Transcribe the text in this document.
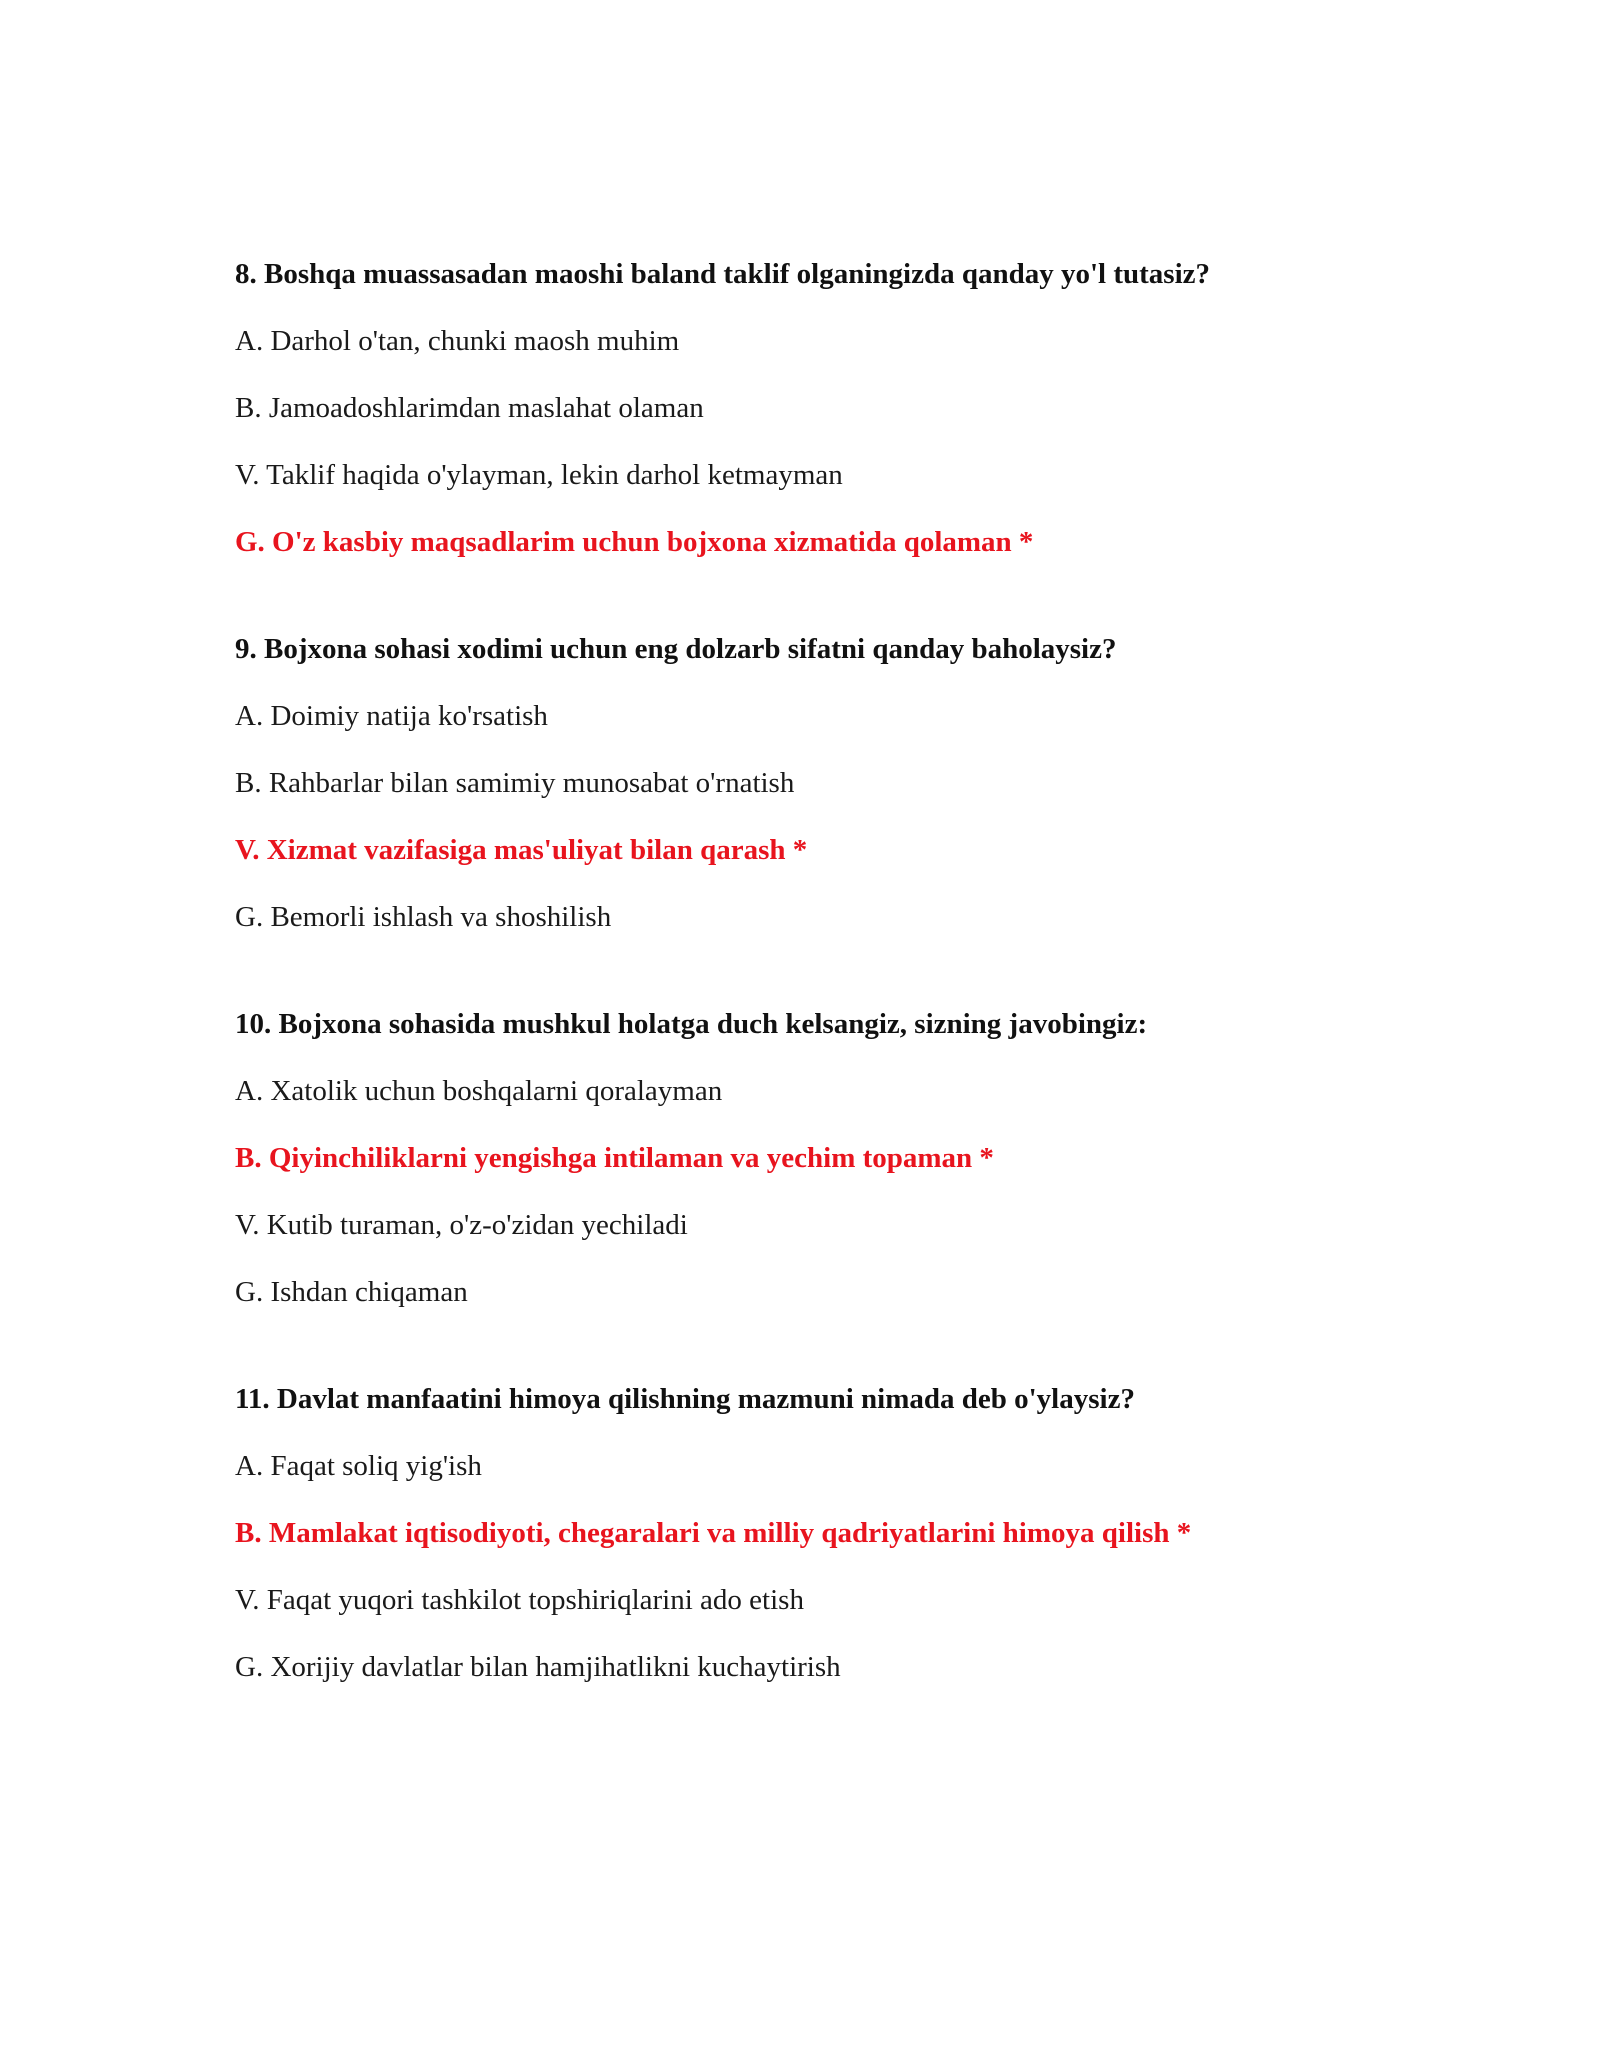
8. Boshqa muassasadan maoshi baland taklif olganingizda qanday yo'l tutasiz?
A. Darhol o'tan, chunki maosh muhim
B. Jamoadoshlarimdan maslahat olaman
V. Taklif haqida o'ylayman, lekin darhol ketmayman
G. O'z kasbiy maqsadlarim uchun bojxona xizmatida qolaman *
9. Bojxona sohasi xodimi uchun eng dolzarb sifatni qanday baholaysiz?
A. Doimiy natija ko'rsatish
B. Rahbarlar bilan samimiy munosabat o'rnatish
V. Xizmat vazifasiga mas'uliyat bilan qarash *
G. Bemorli ishlash va shoshilish
10. Bojxona sohasida mushkul holatga duch kelsangiz, sizning javobingiz:
A. Xatolik uchun boshqalarni qoralayman
B. Qiyinchiliklarni yengishga intilaman va yechim topaman *
V. Kutib turaman, o'z-o'zidan yechiladi
G. Ishdan chiqaman
11. Davlat manfaatini himoya qilishning mazmuni nimada deb o'ylaysiz?
A. Faqat soliq yig'ish
B. Mamlakat iqtisodiyoti, chegaralari va milliy qadriyatlarini himoya qilish *
V. Faqat yuqori tashkilot topshiriqlarini ado etish
G. Xorijiy davlatlar bilan hamjihatlikni kuchaytirish
